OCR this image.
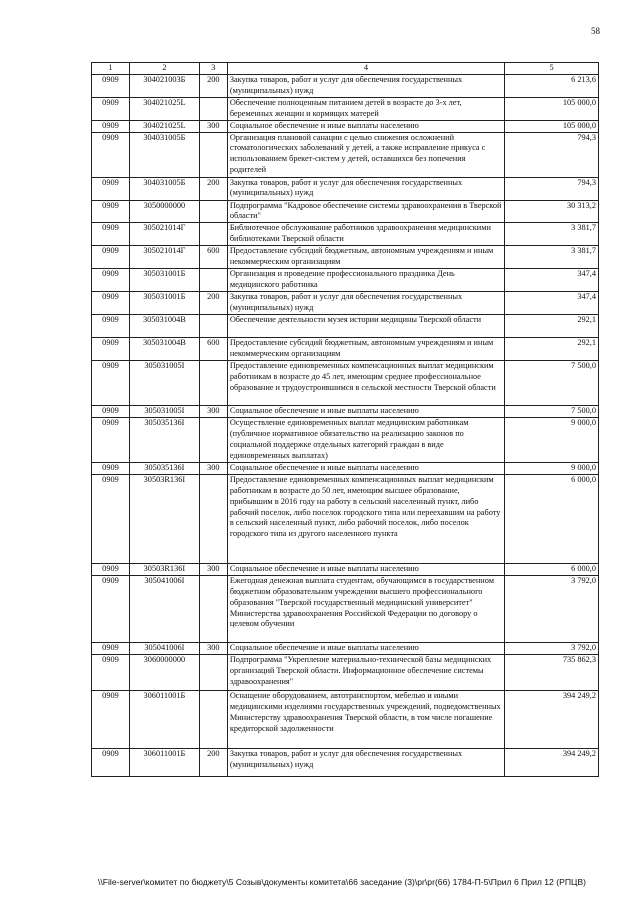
58
1	2	3	4	5
0909	304021003Б	200	Закупка товаров, работ и услуг для обеспечения государственных (муниципальных) нужд	6 213,6
0909	304021025L		Обеспечение полноценным питанием детей в возрасте до 3-х лет, беременных женщин и кормящих матерей	105 000,0
0909	304021025L	300	Социальное обеспечение и иные выплаты населению	105 000,0
0909	304031005Б		Организация плановой санации с целью снижения осложнений стоматологических заболеваний у детей, а также исправление прикуса с использованием брекет-систем у детей, оставшихся без попечения родителей	794,3
0909	304031005Б	200	Закупка товаров, работ и услуг для обеспечения государственных (муниципальных) нужд	794,3
0909	3050000000		Подпрограмма "Кадровое обеспечение системы здравоохранения в Тверской области"	30 313,2
0909	305021014Г		Библиотечное обслуживание работников здравоохранения медицинскими библиотеками Тверской области	3 381,7
0909	305021014Г	600	Предоставление субсидий бюджетным, автономным учреждениям и иным некоммерческим организациям	3 381,7
0909	305031001Б		Организация и проведение профессионального праздника День медицинского работника	347,4
0909	305031001Б	200	Закупка товаров, работ и услуг для обеспечения государственных (муниципальных) нужд	347,4
0909	305031004В		Обеспечение деятельности музея истории медицины Тверской области	292,1
0909	305031004В	600	Предоставление субсидий бюджетным, автономным учреждениям и иным некоммерческим организациям	292,1
0909	305031005I		Предоставление единовременных компенсационных выплат медицинским работникам в возрасте до 45 лет, имеющим среднее профессиональное образование и трудоустроившимся в сельской местности Тверской области	7 500,0
0909	305031005I	300	Социальное обеспечение и иные выплаты населению	7 500,0
0909	305035136I		Осуществление единовременных выплат медицинским работникам (публичное нормативное обязательство на реализацию законов по социальной поддержке отдельных категорий граждан в виде единовременных выплатах)	9 000,0
0909	305035136I	300	Социальное обеспечение и иные выплаты населению	9 000,0
0909	30503R136I		Предоставление единовременных компенсационных выплат медицинским работникам в возрасте до 50 лет, имеющим высшее образование, прибывшим в 2016 году на работу в сельский населенный пункт, либо рабочий поселок, либо поселок городского типа или переехавшим на работу в сельский населенный пункт, либо рабочий поселок, либо поселок городского типа из другого населенного пункта	6 000,0
0909	30503R136I	300	Социальное обеспечение и иные выплаты населению	6 000,0
0909	305041006I		Ежегодная денежная выплата студентам, обучающимся в государственном бюджетном образовательном учреждении высшего профессионального образования "Тверской государственный медицинский университет" Министерства здравоохранения Российской Федерации по договору о целевом обучении	3 792,0
0909	305041006I	300	Социальное обеспечение и иные выплаты населению	3 792,0
0909	3060000000		Подпрограмма "Укрепление материально-технической базы медицинских организаций Тверской области. Информационное обеспечение системы здравоохранения"	735 862,3
0909	306011001Б		Оснащение оборудованием, автотранспортом, мебелью и иными медицинскими изделиями государственных учреждений, подведомственных Министерству здравоохранения Тверской области, в том числе погашение кредиторской задолженности	394 249,2
0909	306011001Б	200	Закупка товаров, работ и услуг для обеспечения государственных (муниципальных) нужд	394 249,2
\\File-server\комитет по бюджету\5 Созыв\документы комитета\66 заседание (3)\pr\pr(66) 1784-П-5\Прил 6 Прил 12 (РПЦВ)
